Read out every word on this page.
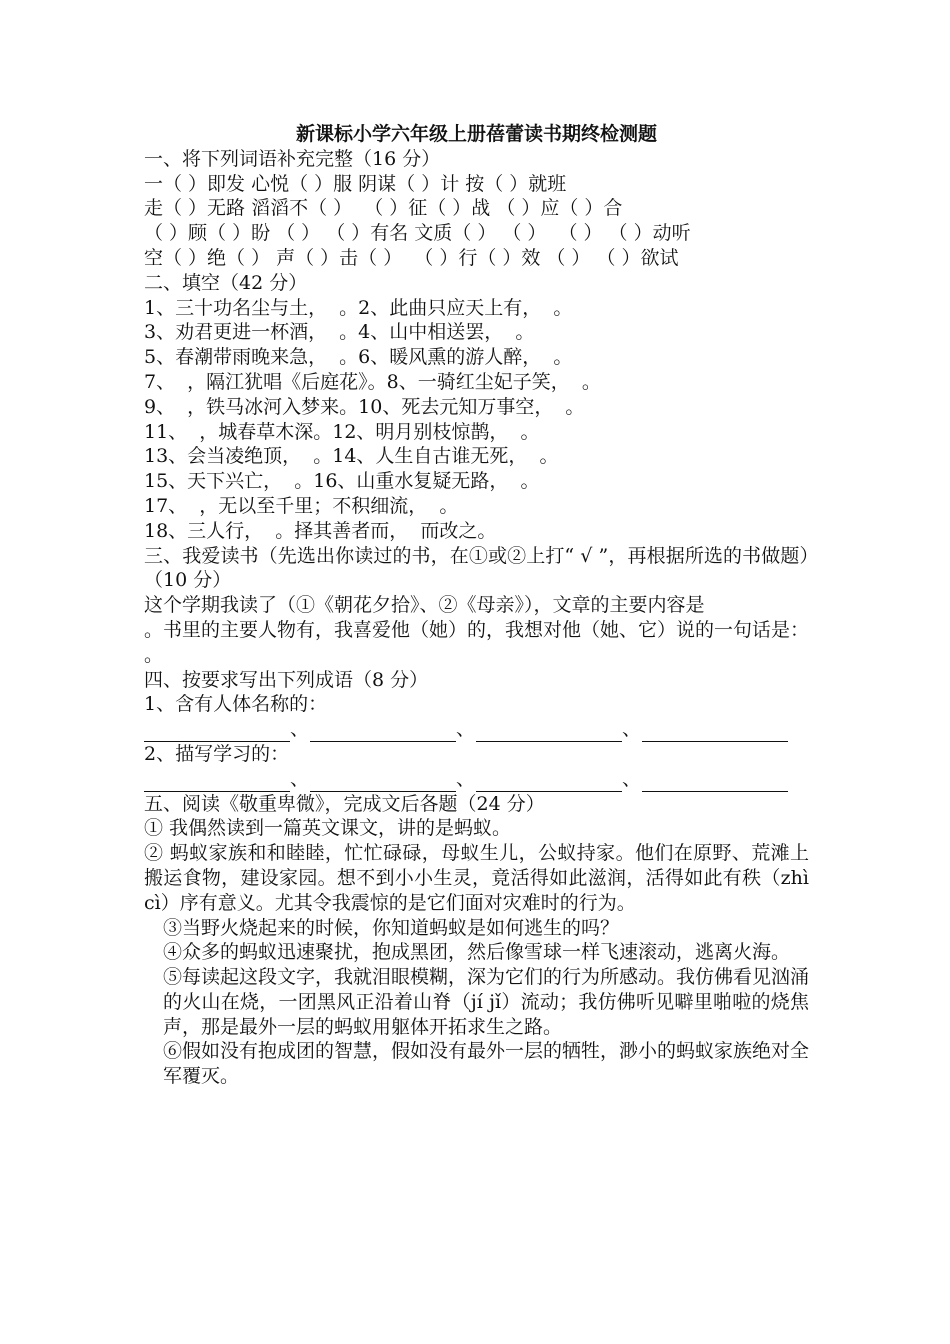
新课标小学六年级上册蓓蕾读书期终检测题
一、将下列词语补充完整（16 分）
一（ ）即发 心悦（ ）服 阴谋（ ）计 按（ ）就班
走（ ）无路 滔滔不（ ）  （ ）征（ ）战 （ ）应（ ）合
（ ）顾（ ）盼 （ ） （ ）有名 文质（ ） （ ）  （ ） （ ）动听
空（ ）绝（ ） 声（ ）击（ ）  （ ）行（ ）效 （ ） （ ）欲试
二、填空（42 分）
1、三十功名尘与土，  。2、此曲只应天上有，  。
3、劝君更进一杯酒，  。4、山中相送罢，  。
5、春潮带雨晚来急，  。6、暖风熏的游人醉，  。
7、  ，隔江犹唱《后庭花》。8、一骑红尘妃子笑，  。
9、  ，铁马冰河入梦来。10、死去元知万事空，  。
11、  ，城春草木深。12、明月别枝惊鹊，  。
13、会当凌绝顶，  。14、人生自古谁无死，  。
15、天下兴亡，  。16、山重水复疑无路，  。
17、  ，无以至千里；不积细流，  。
18、三人行，  。择其善者而，  而改之。
三、我爱读书（先选出你读过的书，在①或②上打“ √ ”，再根据所选的书做题）（10 分）
这个学期我读了（①《朝花夕拾》、②《母亲》），文章的主要内容是
。书里的主要人物有，我喜爱他（她）的，我想对他（她、它）说的一句话是：
。
四、按要求写出下列成语（8 分）
1、含有人体名称的：
、	、	、
2、描写学习的：
、	、	、
五、阅读《敬重卑微》，完成文后各题（24 分）
① 我偶然读到一篇英文课文，讲的是蚂蚁。
② 蚂蚁家族和和睦睦，忙忙碌碌，母蚁生儿，公蚁持家。他们在原野、荒滩上搬运食物，建设家园。想不到小小生灵，竟活得如此滋润，活得如此有秩（zhì cì）序有意义。尤其令我震惊的是它们面对灾难时的行为。
③当野火烧起来的时候，你知道蚂蚁是如何逃生的吗？
④众多的蚂蚁迅速聚扰，抱成黑团，然后像雪球一样飞速滚动，逃离火海。
⑤每读起这段文字，我就泪眼模糊，深为它们的行为所感动。我仿佛看见汹涌的火山在烧，一团黑风正沿着山脊（jí jǐ）流动；我仿佛听见噼里啪啦的烧焦声，那是最外一层的蚂蚁用躯体开拓求生之路。
⑥假如没有抱成团的智慧，假如没有最外一层的牺牲，渺小的蚂蚁家族绝对全军覆灭。
